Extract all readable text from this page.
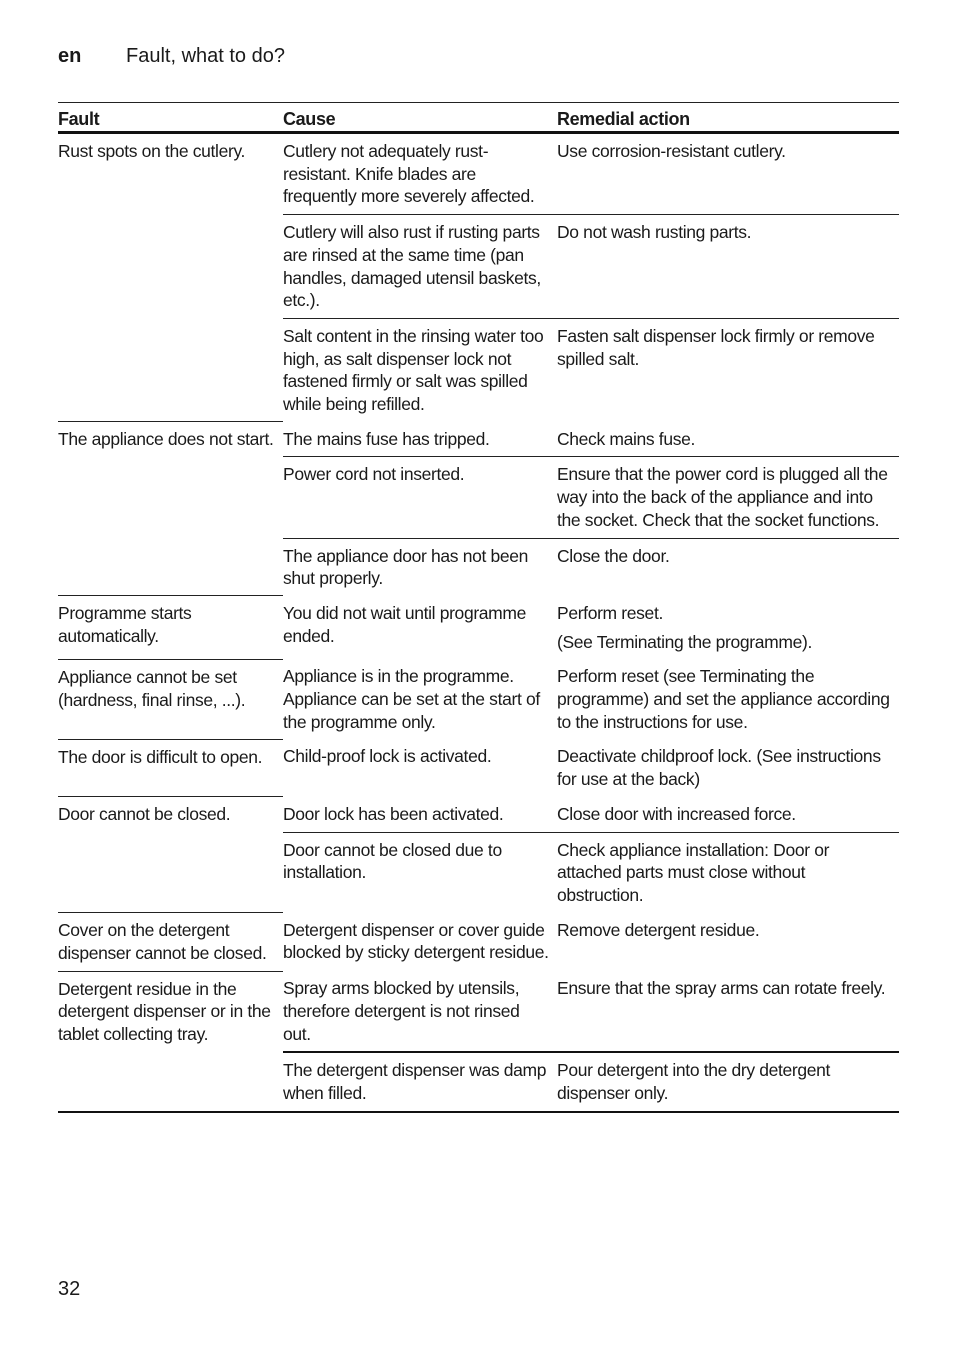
en Fault, what to do?
Fault	Cause	Remedial action
Rust spots on the cutlery.	Cutlery not adequately rust-resistant. Knife blades are frequently more severely affected.	Use corrosion-resistant cutlery.
	Cutlery will also rust if rusting parts are rinsed at the same time (pan handles, damaged utensil baskets, etc.).	Do not wash rusting parts.
	Salt content in the rinsing water too high, as salt dispenser lock not fastened firmly or salt was spilled while being refilled.	Fasten salt dispenser lock firmly or remove spilled salt.
The appliance does not start.	The mains fuse has tripped.	Check mains fuse.
	Power cord not inserted.	Ensure that the power cord is plugged all the way into the back of the appliance and into the socket. Check that the socket functions.
	The appliance door has not been shut properly.	Close the door.
Programme starts automatically.	You did not wait until programme ended.	Perform reset.
(See Terminating the programme).

Appliance cannot be set (hardness, final rinse, ...).	Appliance is in the programme. Appliance can be set at the start of the programme only.	Perform reset (see Terminating the programme) and set the appliance according to the instructions for use.
The door is difficult to open.	Child-proof lock is activated.	Deactivate childproof lock. (See instructions for use at the back)
Door cannot be closed.	Door lock has been activated.	Close door with increased force.
	Door cannot be closed due to installation.	Check appliance installation: Door or attached parts must close without obstruction.
Cover on the detergent dispenser cannot be closed.	Detergent dispenser or cover guide blocked by sticky detergent residue.	Remove detergent residue.
Detergent residue in the detergent dispenser or in the tablet collecting tray.	Spray arms blocked by utensils, therefore detergent is not rinsed out.	Ensure that the spray arms can rotate freely.
	The detergent dispenser was damp when filled.	Pour detergent into the dry detergent dispenser only.
32
